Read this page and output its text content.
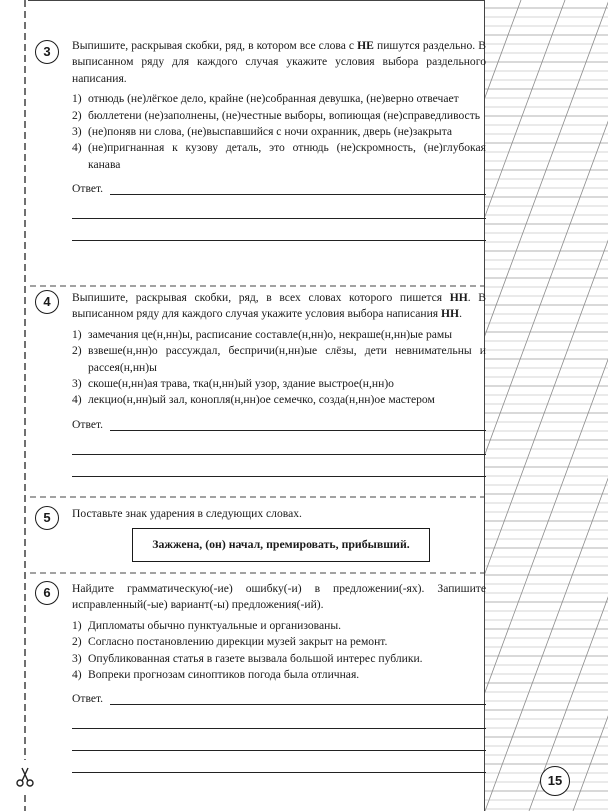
3	Выпишите, раскрывая скобки, ряд, в котором все слова с НЕ пишутся раздельно. В выписанном ряду для каждого случая укажите условия выбора раздельного написания.

1) отнюдь (не)лёгкое дело, крайне (не)собранная девушка, (не)верно отвечает
2) бюллетени (не)заполнены, (не)честные выборы, вопиющая (не)справедливость
3) (не)поняв ни слова, (не)выспавшийся с ночи охранник, дверь (не)закрыта
4) (не)пригнанная к кузову деталь, это отнюдь (не)скромность, (не)глубокая канава
Ответ.
4	Выпишите, раскрывая скобки, ряд, в всех словах которого пишется НН. В выписанном ряду для каждого случая укажите условия выбора написания НН.

1) замечания це(н,нн)ы, расписание составле(н,нн)о, некраше(н,нн)ые рамы
2) взвеше(н,нн)о рассуждал, беспричи(н,нн)ые слёзы, дети невнимательны и рассея(н,нн)ы
3) скоше(н,нн)ая трава, тка(н,нн)ый узор, здание выстрое(н,нн)о
4) лекцио(н,нн)ый зал, конопля(н,нн)ое семечко, созда(н,нн)ое мастером
Ответ.
5	Поставьте знак ударения в следующих словах.

Зажжена, (он) начал, премировать, прибывший.
6	Найдите грамматическую(-ие) ошибку(-и) в предложении(-ях). Запишите исправленный(-ые) вариант(-ы) предложения(-ий).

1) Дипломаты обычно пунктуальные и организованы.
2) Согласно постановлению дирекции музей закрыт на ремонт.
3) Опубликованная статья в газете вызвала большой интерес публики.
4) Вопреки прогнозам синоптиков погода была отличная.
Ответ.
15
